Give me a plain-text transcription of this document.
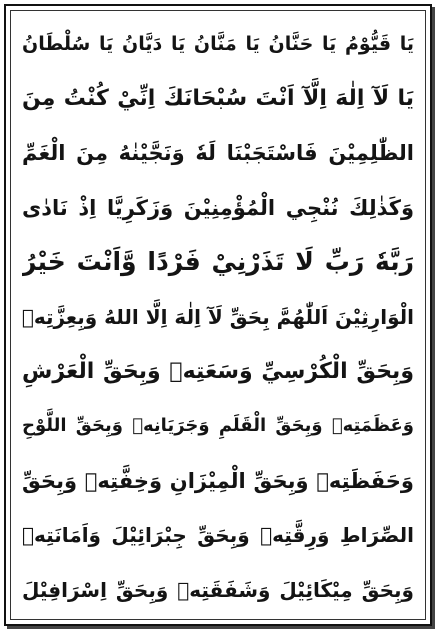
يَا قَيُّوْمُ يَا حَنَّانُ يَا مَنَّانُ يَا دَيَّانُ يَا سُلْطَانُ
يَا لَآ اِلٰهَ اِلَّآ اَنْتَ سُبْحَانَكَ اِنِّيْ كُنْتُ مِنَ
الظّٰلِمِيْنَ فَاسْتَجَبْنَا لَهٗ وَنَجَّيْنٰهُ مِنَ الْغَمِّ
وَكَذٰلِكَ نُنْجِي الْمُؤْمِنِيْنَ وَزَكَرِيَّا اِذْ نَادٰى
رَبَّهٗ رَبِّ لَا تَذَرْنِيْ فَرْدًا وَّاَنْتَ خَيْرُ
الْوَارِثِيْنَ اَللّٰهُمَّ بِحَقِّ لَآ اِلٰهَ اِلَّا اللهُ وَبِعِزَّتِهٖ
وَبِحَقِّ الْكُرْسِيِّ وَسَعَتِهٖ وَبِحَقِّ الْعَرْشِ
وَعَظَمَتِهٖ وَبِحَقِّ الْقَلَمِ وَجَرَيَانِهٖ وَبِحَقِّ اللَّوْحِ
وَحَفَظَتِهٖ وَبِحَقِّ الْمِيْزَانِ وَخِفَّتِهٖ وَبِحَقِّ
الصِّرَاطِ وَرِقَّتِهٖ وَبِحَقِّ جِبْرَائِيْلَ وَاَمَانَتِهٖ
وَبِحَقِّ مِيْكَائِيْلَ وَشَفَقَتِهٖ وَبِحَقِّ اِسْرَافِيْلَ
